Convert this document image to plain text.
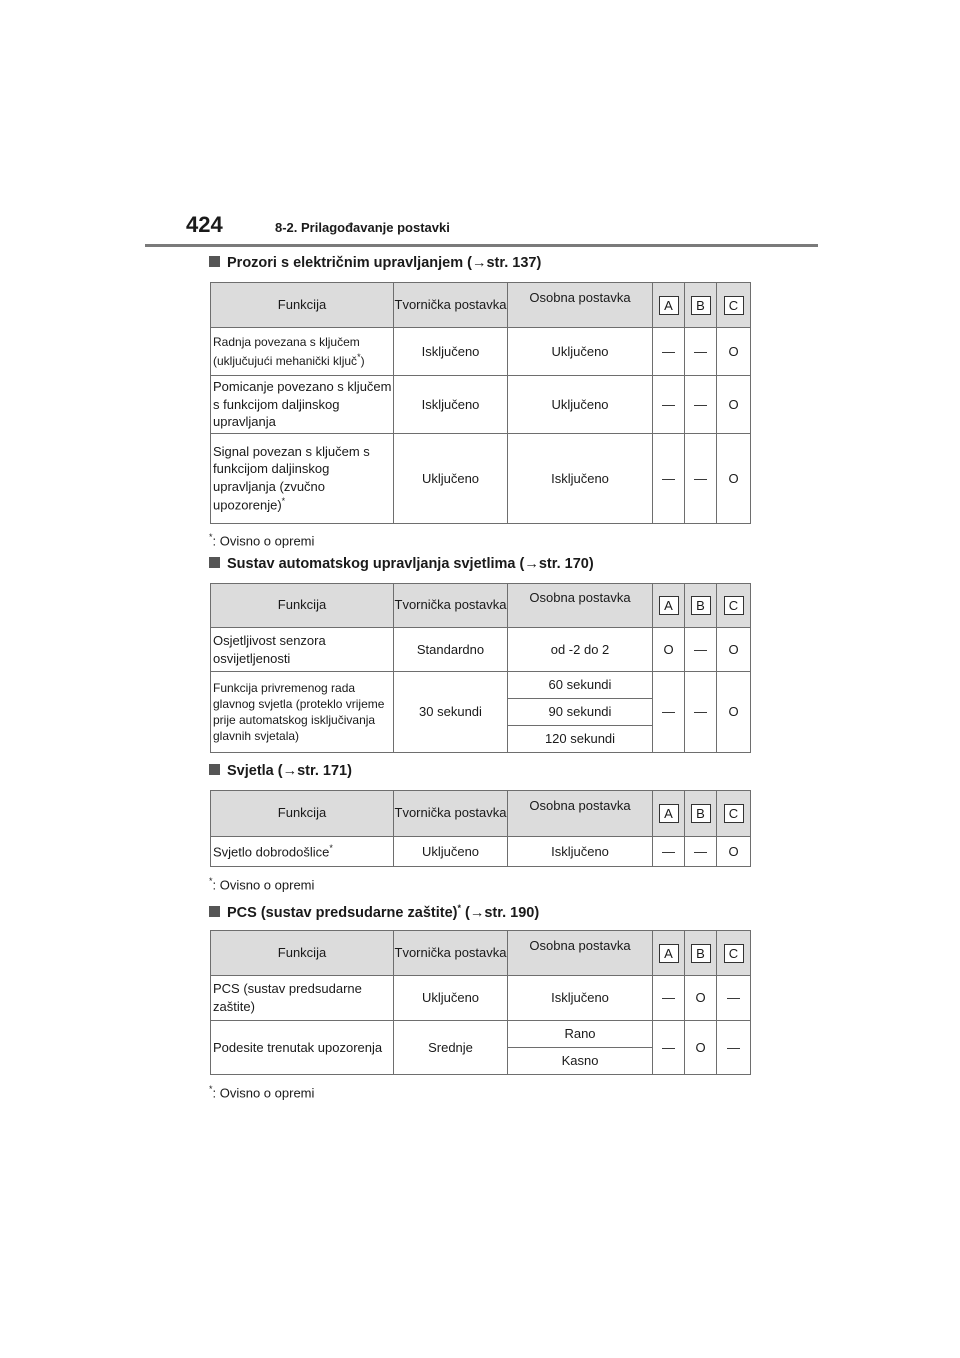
424	8-2. Prilagođavanje postavki
Prozori s električnim upravljanjem (→str. 137)
Funkcija	Tvornička postavka	Osobna postavka	A	B	C
Radnja povezana s ključem (uključujući mehanički ključ*)	Isključeno	Uključeno	—	—	O
Pomicanje povezano s ključem s funkcijom daljinskog upravljanja	Isključeno	Uključeno	—	—	O
Signal povezan s ključem s funkcijom daljinskog upravljanja (zvučno upozorenje)*	Uključeno	Isključeno	—	—	O
*: Ovisno o opremi
Sustav automatskog upravljanja svjetlima (→str. 170)
Funkcija	Tvornička postavka	Osobna postavka	A	B	C
Osjetljivost senzora osvijetljenosti	Standardno	od -2 do 2	O	—	O
Funkcija privremenog rada glavnog svjetla (proteklo vrijeme prije automatskog isključivanja glavnih svjetala)	30 sekundi	60 sekundi	—	—	O
		90 sekundi			
		120 sekundi			
Svjetla (→str. 171)
Funkcija	Tvornička postavka	Osobna postavka	A	B	C
Svjetlo dobrodošlice*	Uključeno	Isključeno	—	—	O
*: Ovisno o opremi
PCS (sustav predsudarne zaštite)* (→str. 190)
Funkcija	Tvornička postavka	Osobna postavka	A	B	C
PCS (sustav predsudarne zaštite)	Uključeno	Isključeno	—	O	—
Podesite trenutak upozorenja	Srednje	Rano	—	O	—
		Kasno			
*: Ovisno o opremi
